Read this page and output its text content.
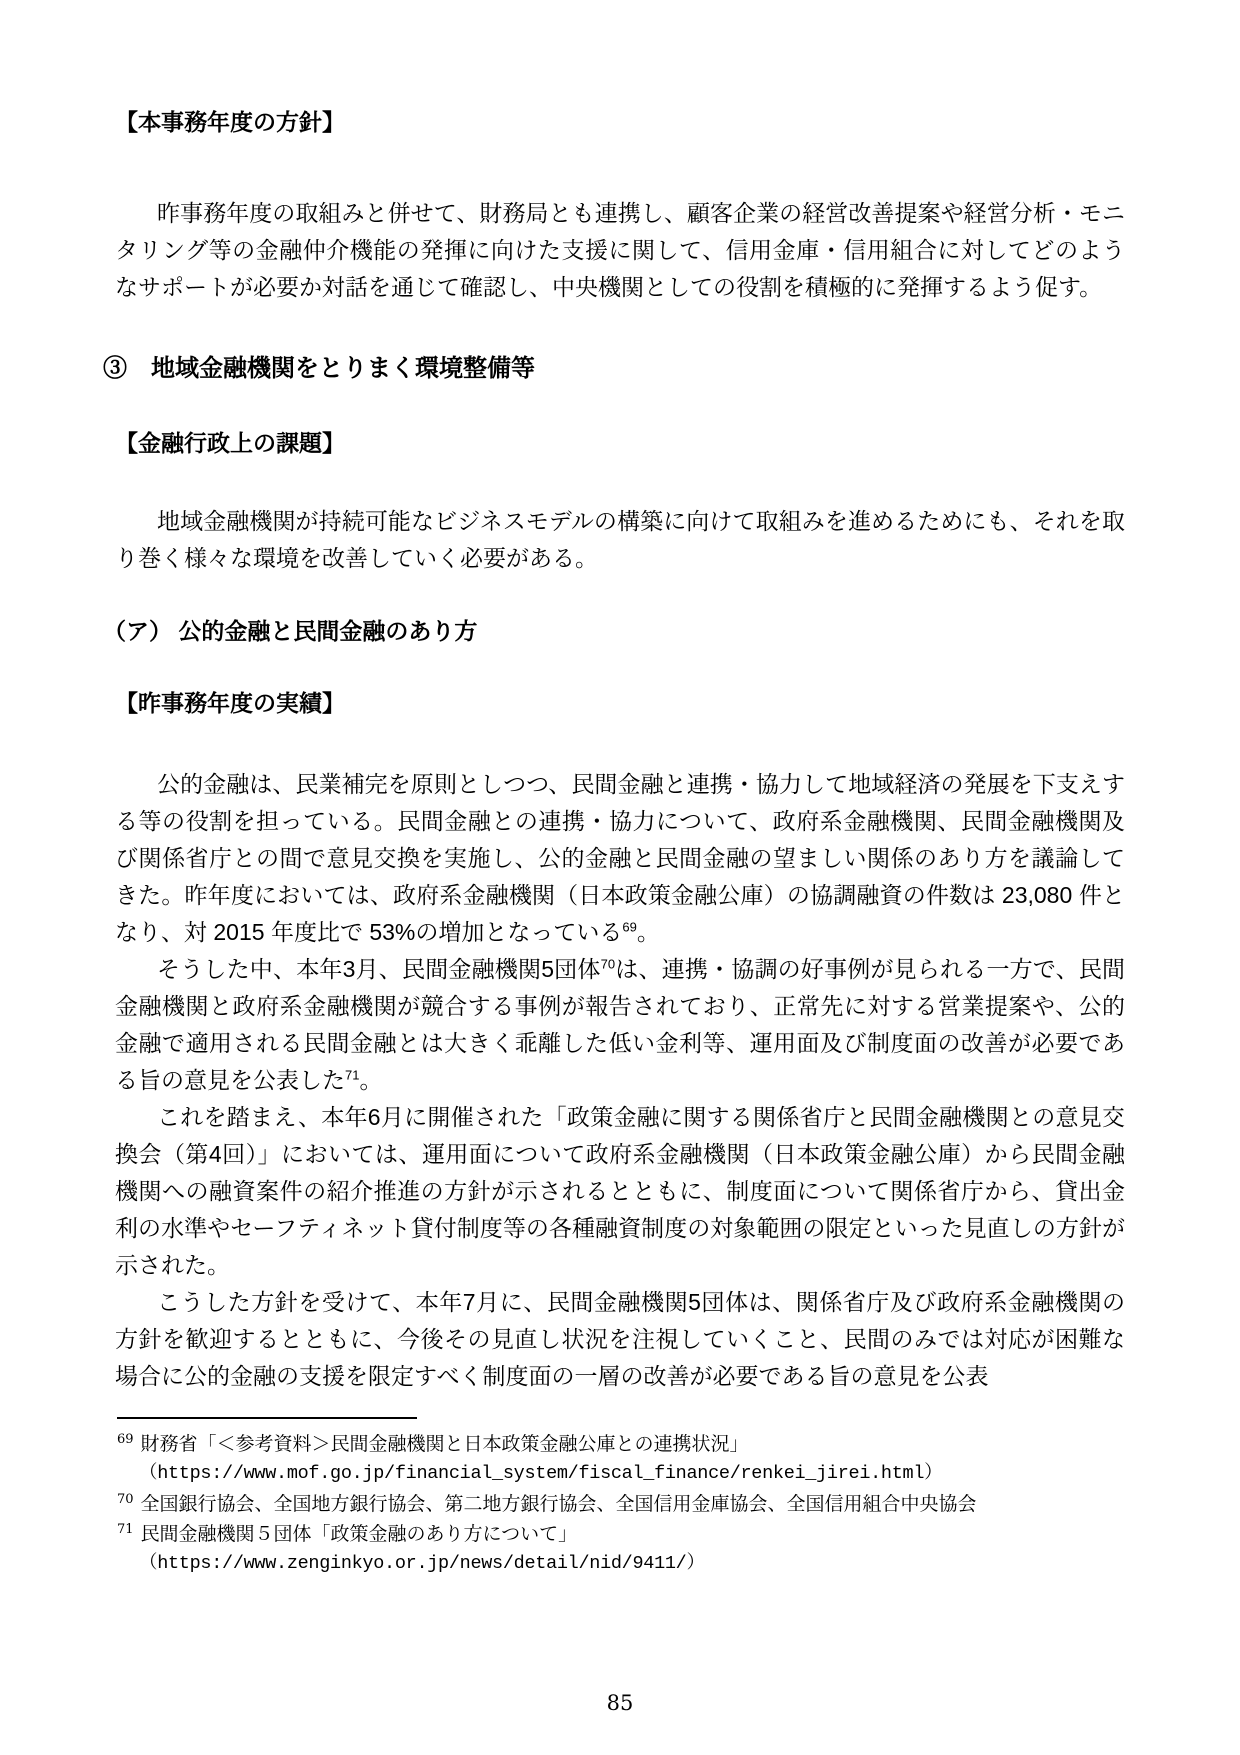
【本事務年度の方針】

昨事務年度の取組みと併せて、財務局とも連携し、顧客企業の経営改善提案や経営分析・モニタリング等の金融仲介機能の発揮に向けた支援に関して、信用金庫・信用組合に対してどのようなサポートが必要か対話を通じて確認し、中央機関としての役割を積極的に発揮するよう促す。

③　地域金融機関をとりまく環境整備等
【金融行政上の課題】

地域金融機関が持続可能なビジネスモデルの構築に向けて取組みを進めるためにも、それを取り巻く様々な環境を改善していく必要がある。

（ア） 公的金融と民間金融のあり方
【昨事務年度の実績】

公的金融は、民業補完を原則としつつ、民間金融と連携・協力して地域経済の発展を下支えする等の役割を担っている。民間金融との連携・協力について、政府系金融機関、民間金融機関及び関係省庁との間で意見交換を実施し、公的金融と民間金融の望ましい関係のあり方を議論してきた。昨年度においては、政府系金融機関（日本政策金融公庫）の協調融資の件数は 23,080 件となり、対 2015 年度比で 53%の増加となっている$^{69}$。

そうした中、本年3月、民間金融機関5団体$^{70}$は、連携・協調の好事例が見られる一方で、民間金融機関と政府系金融機関が競合する事例が報告されており、正常先に対する営業提案や、公的金融で適用される民間金融とは大きく乖離した低い金利等、運用面及び制度面の改善が必要である旨の意見を公表した$^{71}$。

これを踏まえ、本年6月に開催された「政策金融に関する関係省庁と民間金融機関との意見交換会（第4回）」においては、運用面について政府系金融機関（日本政策金融公庫）から民間金融機関への融資案件の紹介推進の方針が示されるとともに、制度面について関係省庁から、貸出金利の水準やセーフティネット貸付制度等の各種融資制度の対象範囲の限定といった見直しの方針が示された。

こうした方針を受けて、本年7月に、民間金融機関5団体は、関係省庁及び政府系金融機関の方針を歓迎するとともに、今後その見直し状況を注視していくこと、民間のみでは対応が困難な場合に公的金融の支援を限定すべく制度面の一層の改善が必要である旨の意見を公表

$^{69}$ 財務省「＜参考資料＞民間金融機関と日本政策金融公庫との連携状況」
（https://www.mof.go.jp/financial_system/fiscal_finance/renkei_jirei.html）
$^{70}$ 全国銀行協会、全国地方銀行協会、第二地方銀行協会、全国信用金庫協会、全国信用組合中央協会
$^{71}$ 民間金融機関５団体「政策金融のあり方について」
（https://www.zenginkyo.or.jp/news/detail/nid/9411/）
85
